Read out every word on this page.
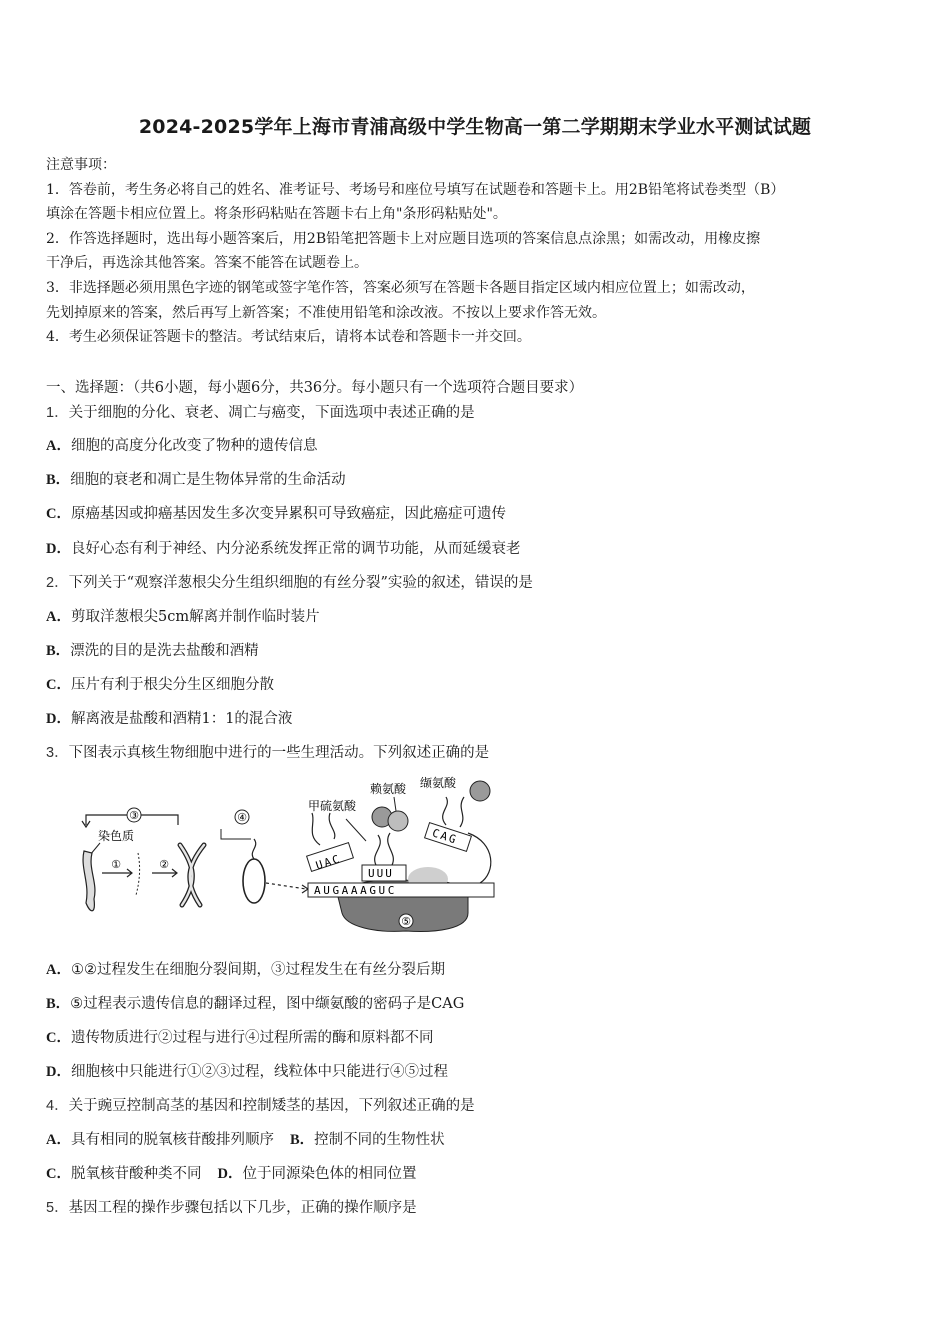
2024-2025学年上海市青浦高级中学生物高一第二学期期末学业水平测试试题

注意事项：

1．答卷前，考生务必将自己的姓名、准考证号、考场号和座位号填写在试题卷和答题卡上。用2B铅笔将试卷类型（B）

填涂在答题卡相应位置上。将条形码粘贴在答题卡右上角"条形码粘贴处"。

2．作答选择题时，选出每小题答案后，用2B铅笔把答题卡上对应题目选项的答案信息点涂黑；如需改动，用橡皮擦

干净后，再选涂其他答案。答案不能答在试题卷上。

3．非选择题必须用黑色字迹的钢笔或签字笔作答，答案必须写在答题卡各题目指定区域内相应位置上；如需改动，

先划掉原来的答案，然后再写上新答案；不准使用铅笔和涂改液。不按以上要求作答无效。

4．考生必须保证答题卡的整洁。考试结束后，请将本试卷和答题卡一并交回。

一、选择题：（共6小题，每小题6分，共36分。每小题只有一个选项符合题目要求）
1．关于细胞的分化、衰老、凋亡与癌变，下面选项中表述正确的是
A．细胞的高度分化改变了物种的遗传信息
B．细胞的衰老和凋亡是生物体异常的生命活动
C．原癌基因或抑癌基因发生多次变异累积可导致癌症，因此癌症可遗传
D．良好心态有利于神经、内分泌系统发挥正常的调节功能，从而延缓衰老
2．下列关于“观察洋葱根尖分生组织细胞的有丝分裂”实验的叙述，错误的是
A．剪取洋葱根尖5cm解离并制作临时装片
B．漂洗的目的是洗去盐酸和酒精
C．压片有利于根尖分生区细胞分散
D．解离液是盐酸和酒精1：1的混合液
3．下图表示真核生物细胞中进行的一些生理活动。下列叙述正确的是
③
染色质
①	②
④
AUGAAAGUC
UAC
甲硫氨酸
UUU
赖氨酸
CAG
缬氨酸
⑤
A．①②过程发生在细胞分裂间期，③过程发生在有丝分裂后期
B．⑤过程表示遗传信息的翻译过程，图中缬氨酸的密码子是CAG
C．遗传物质进行②过程与进行④过程所需的酶和原料都不同
D．细胞核中只能进行①②③过程，线粒体中只能进行④⑤过程
4．关于豌豆控制高茎的基因和控制矮茎的基因，下列叙述正确的是
A．具有相同的脱氧核苷酸排列顺序 B．控制不同的生物性状
C．脱氧核苷酸种类不同 D．位于同源染色体的相同位置
5．基因工程的操作步骤包括以下几步，正确的操作顺序是
